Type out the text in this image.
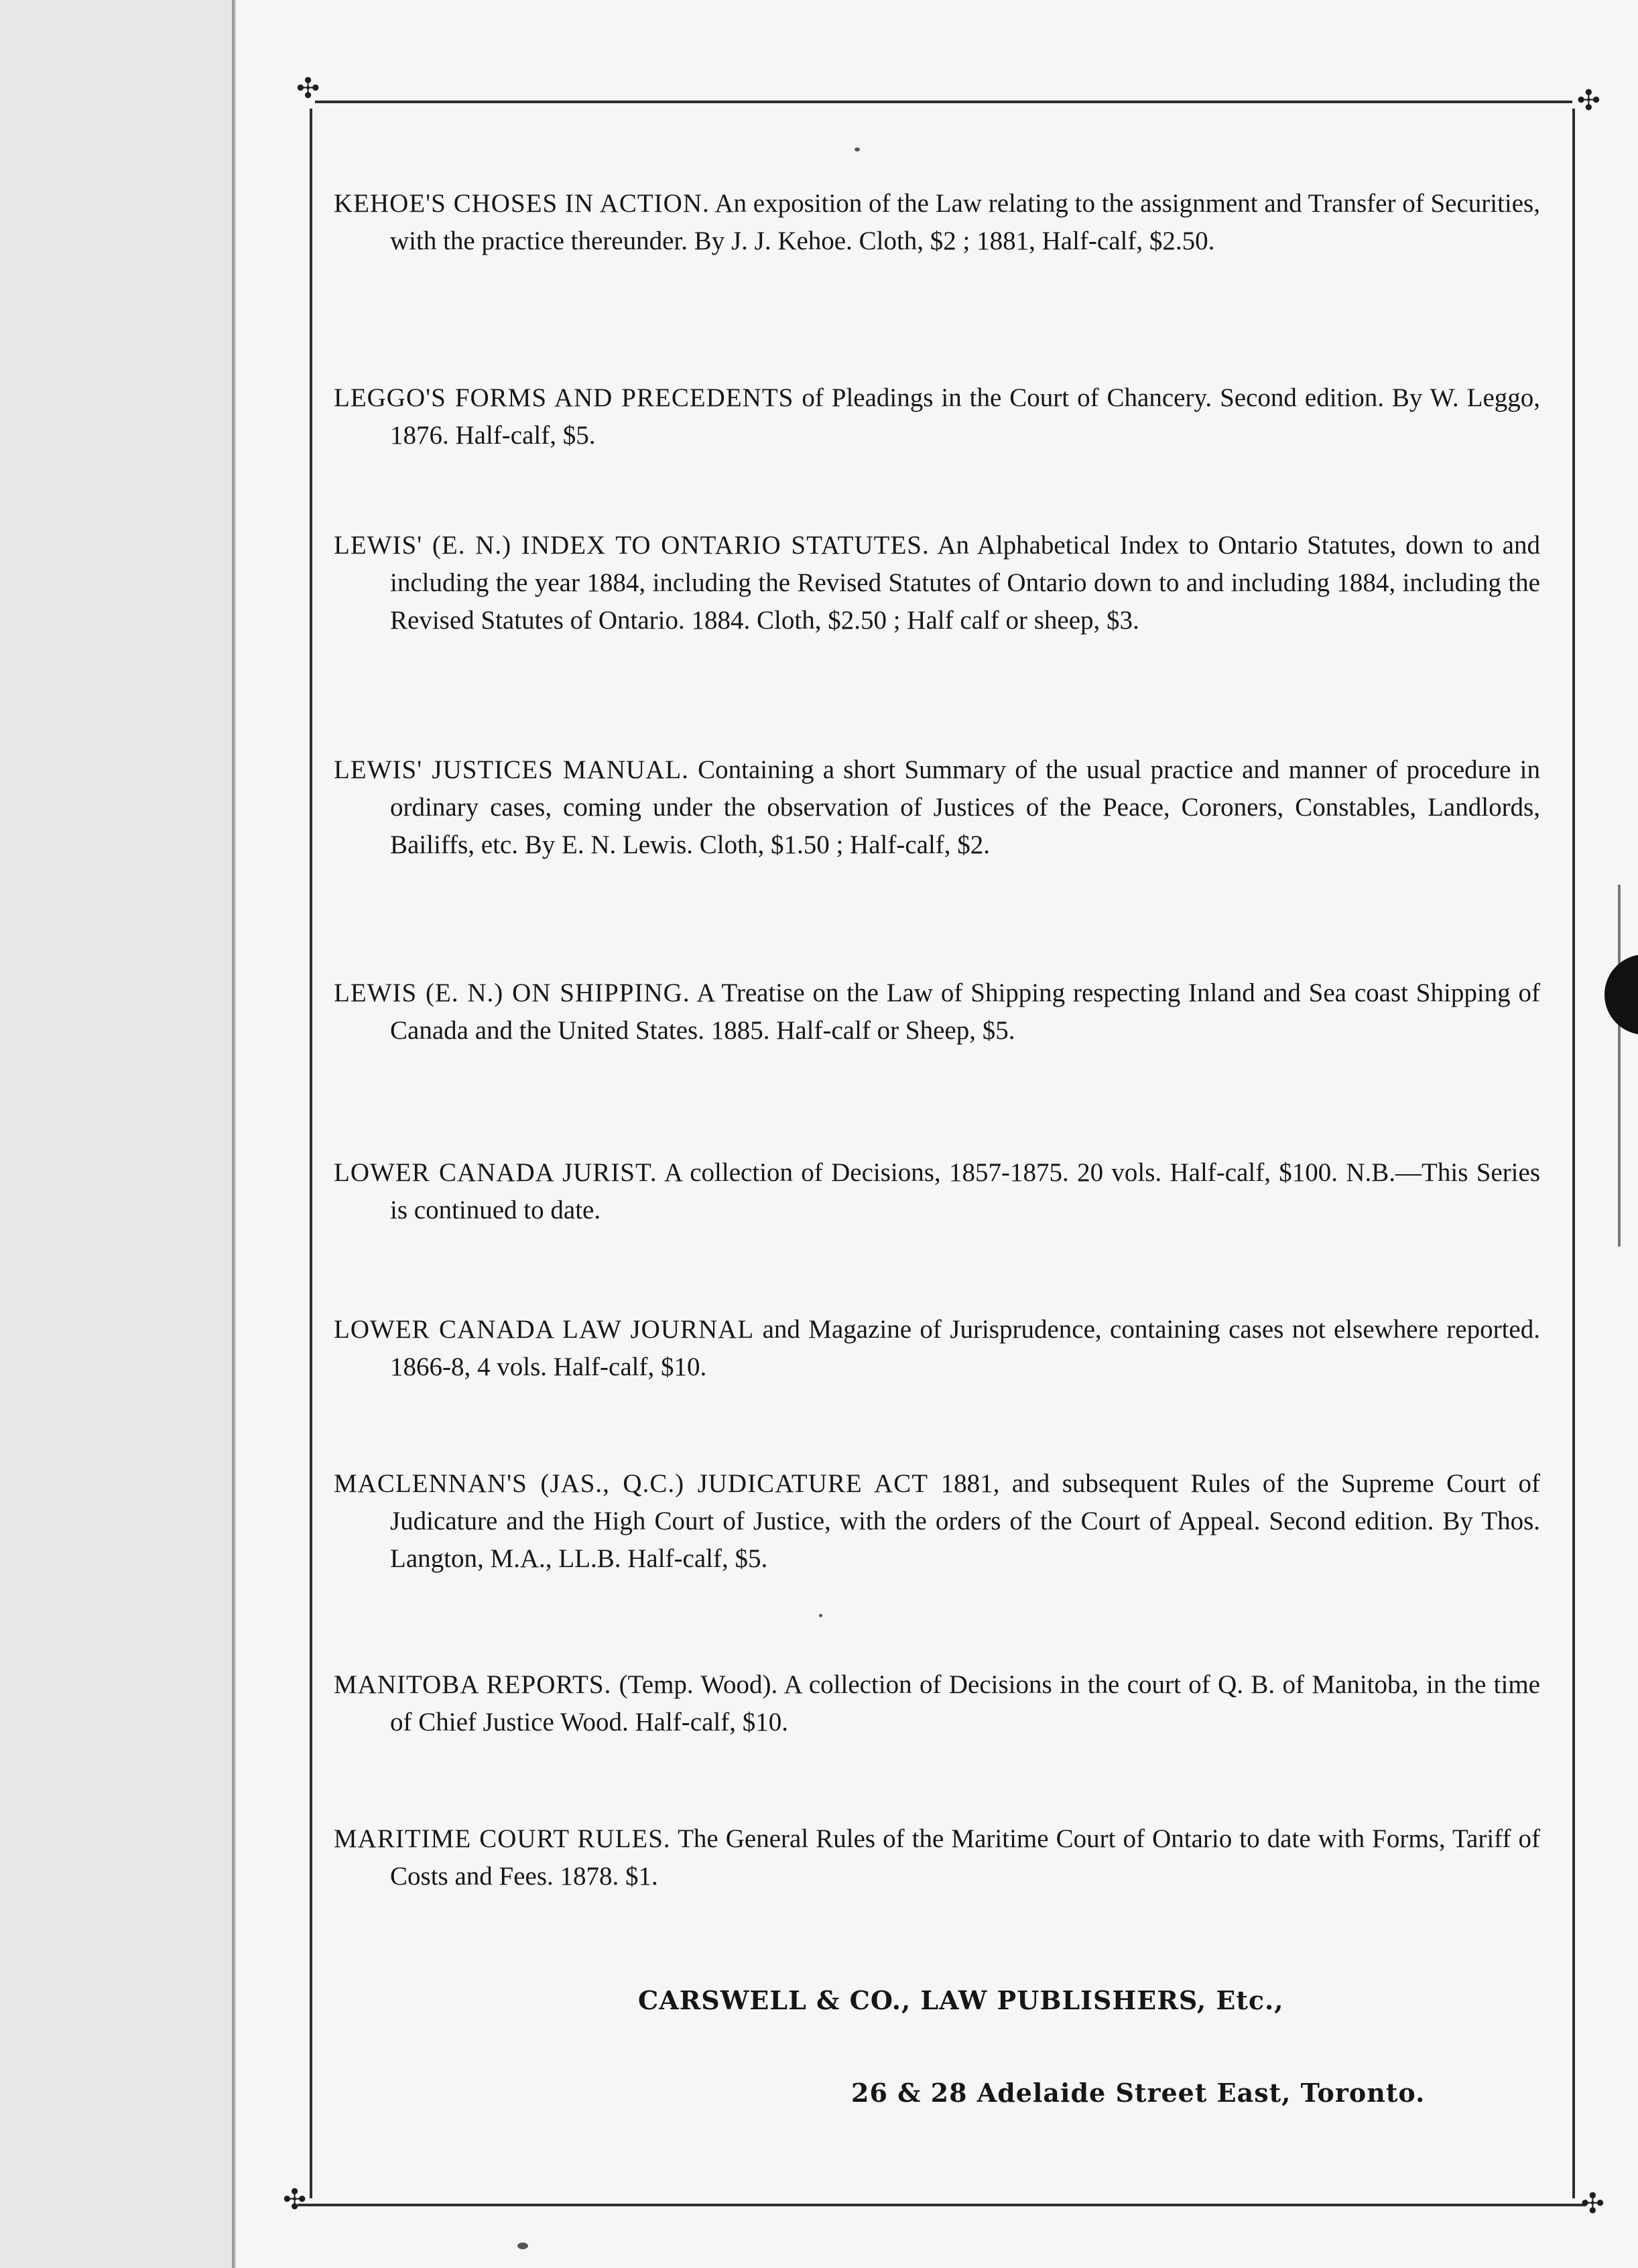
✣	✣
✣	✣

KEHOE'S CHOSES IN ACTION. An exposition of the Law relating to the assignment and Transfer of Securities, with the practice thereunder. By J. J. Kehoe. Cloth, $2 ; 1881, Half-calf, $2.50.

LEGGO'S FORMS AND PRECEDENTS of Pleadings in the Court of Chancery. Second edition. By W. Leggo, 1876. Half-calf, $5.

LEWIS' (E. N.) INDEX TO ONTARIO STATUTES. An Alphabetical Index to Ontario Statutes, down to and including the year 1884, including the Revised Statutes of Ontario down to and including 1884, including the Revised Statutes of Ontario. 1884. Cloth, $2.50 ; Half calf or sheep, $3.

LEWIS' JUSTICES MANUAL. Containing a short Summary of the usual practice and manner of procedure in ordinary cases, coming under the observation of Justices of the Peace, Coroners, Constables, Landlords, Bailiffs, etc. By E. N. Lewis. Cloth, $1.50 ; Half-calf, $2.

LEWIS (E. N.) ON SHIPPING. A Treatise on the Law of Shipping respecting Inland and Sea coast Shipping of Canada and the United States. 1885. Half-calf or Sheep, $5.

LOWER CANADA JURIST. A collection of Decisions, 1857-1875. 20 vols. Half-calf, $100. N.B.—This Series is continued to date.

LOWER CANADA LAW JOURNAL and Magazine of Jurisprudence, containing cases not elsewhere reported. 1866-8, 4 vols. Half-calf, $10.

MACLENNAN'S (JAS., Q.C.) JUDICATURE ACT 1881, and subsequent Rules of the Supreme Court of Judicature and the High Court of Justice, with the orders of the Court of Appeal. Second edition. By Thos. Langton, M.A., LL.B. Half-calf, $5.

MANITOBA REPORTS. (Temp. Wood). A collection of Decisions in the court of Q. B. of Manitoba, in the time of Chief Justice Wood. Half-calf, $10.

MARITIME COURT RULES. The General Rules of the Maritime Court of Ontario to date with Forms, Tariff of Costs and Fees. 1878. $1.

CARSWELL & CO., LAW PUBLISHERS, Etc.,
26 & 28 Adelaide Street East, Toronto.
